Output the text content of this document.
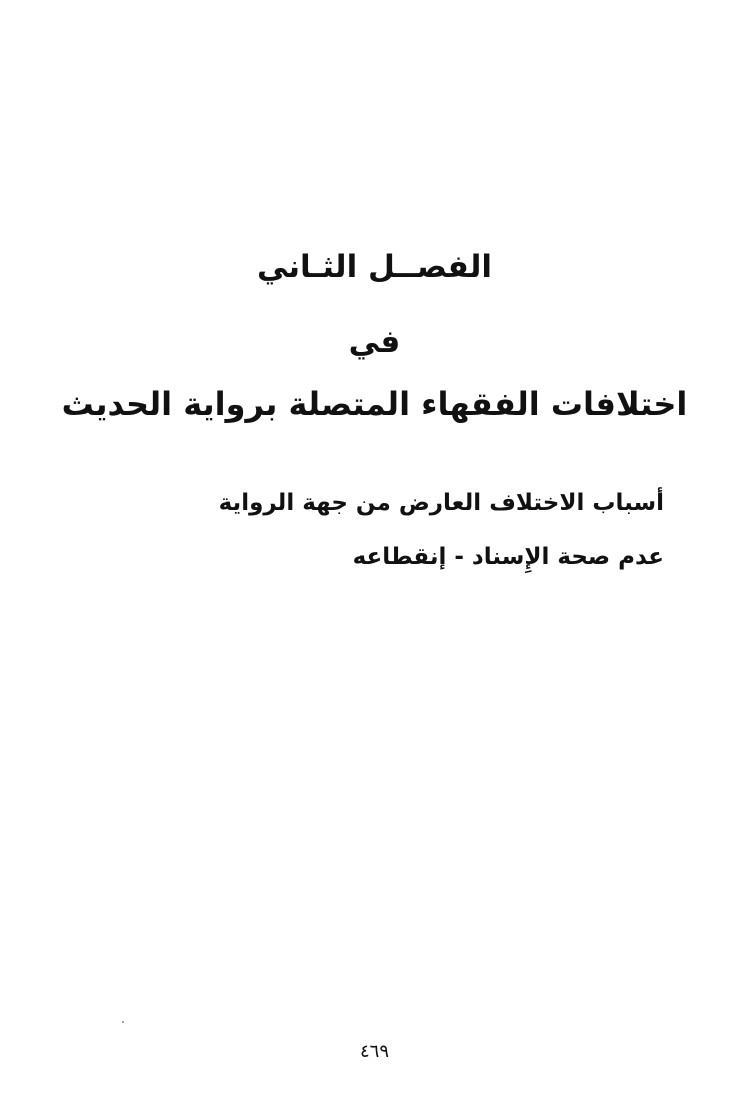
الفصــل الثـاني
في
اختلافات الفقهاء المتصلة برواية الحديث
أسباب الاختلاف العارض من جهة الرواية
عدم صحة الإِسناد - إنقطاعه
٤٦٩
